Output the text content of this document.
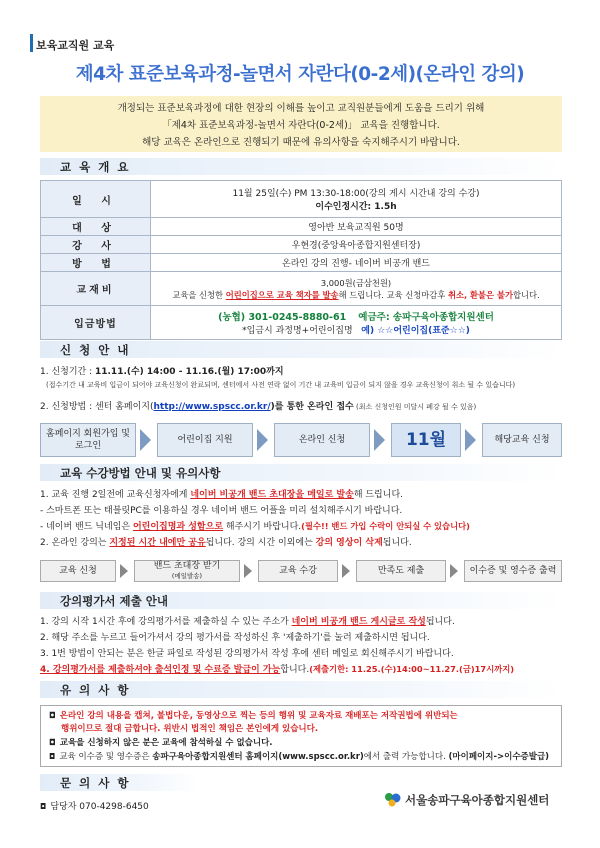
보육교직원 교육
제4차 표준보육과정-놀면서 자란다(0-2세)(온라인 강의)

개정되는 표준보육과정에 대한 현장의 이해를 높이고 교직원분들에게 도움을 드리기 위해

「제4차 표준보육과정-놀면서 자란다(0-2세)」 교육을 진행합니다.

해당 교육은 온라인으로 진행되기 때문에 유의사항을 숙지해주시기 바랍니다.

교 육 개 요
일 시	11월 25일(수) PM 13:30-18:00(강의 게시 시간내 강의 수강)
이수인정시간: 1.5h

대 상	영아반 보육교직원 50명
강 사	우현경(중앙육아종합지원센터장)
방 법	온라인 강의 진행- 네이버 비공개 밴드
교재비	3,000원(금삼천원)
교육을 신청한 어린이집으로 교육 책자를 발송해 드립니다. 교육 신청마감후 취소, 환불은 불가합니다.

입금방법	(농협) 301-0245-8880-61 예금주: 송파구육아종합지원센터
*입금시 과정명+어린이집명 예) ☆☆어린이집(표준☆☆)
신 청 안 내
1. 신청기간 : 11.11.(수) 14:00 - 11.16.(월) 17:00까지
(접수기간 내 교육비 입금이 되어야 교육신청이 완료되며, 센터에서 사전 연락 없이 기간 내 교육비 입금이 되지 않을 경우 교육신청이 취소 될 수 있습니다)
2. 신청방법 : 센터 홈페이지(http://www.spscc.or.kr/)를 통한 온라인 접수 (최소 신청인원 미달시 폐강 될 수 있음)
홈페이지 회원가입 및 로그인
어린이집 지원	온라인 신청	11월	해당교육 신청
교육 수강방법 안내 및 유의사항
1. 교육 진행 2일전에 교육신청자에게 네이버 비공개 밴드 초대장을 메일로 발송해 드립니다.
- 스마트폰 또는 태블릿PC를 이용하실 경우 네이버 밴드 어플을 미리 설치해주시기 바랍니다.
- 네이버 밴드 닉네임은 어린이집명과 성함으로 해주시기 바랍니다.(필수!! 밴드 가입 수락이 안되실 수 있습니다)
2. 온라인 강의는 지정된 시간 내에만 공유됩니다. 강의 시간 이외에는 강의 영상이 삭제됩니다.
교육 신청	밴드 초대장 받기
(메일발송)	교육 수강	만족도 제출	이수증 및 영수증 출력
강의평가서 제출 안내
1. 강의 시작 1시간 후에 강의평가서를 제출하실 수 있는 주소가 네이버 비공개 밴드 게시글로 작성됩니다.
2. 해당 주소를 누르고 들어가셔서 강의 평가서를 작성하신 후 '제출하기'를 눌러 제출하시면 됩니다.
3. 1번 방법이 안되는 분은 한글 파일로 작성된 강의평가서 작성 후에 센터 메일로 회신해주시기 바랍니다.
4. 강의평가서를 제출하셔야 출석인정 및 수료증 발급이 가능합니다.(제출기한: 11.25.(수)14:00~11.27.(금)17시까지)
유 의 사 항
◘ 온라인 강의 내용을 캡쳐, 불법다운, 동영상으로 찍는 등의 행위 및 교육자료 재배포는 저작권법에 위반되는
행위이므로 절대 금합니다. 위반시 법적인 책임은 본인에게 있습니다.
◘ 교육을 신청하지 않은 분은 교육에 참석하실 수 없습니다.
◘ 교육 이수증 및 영수증은 송파구육아종합지원센터 홈페이지(www.spscc.or.kr)에서 출력 가능합니다. (마이페이지->이수증발급)
문 의 사 항
◘ 담당자 070-4298-6450	서울송파구육아종합지원센터
